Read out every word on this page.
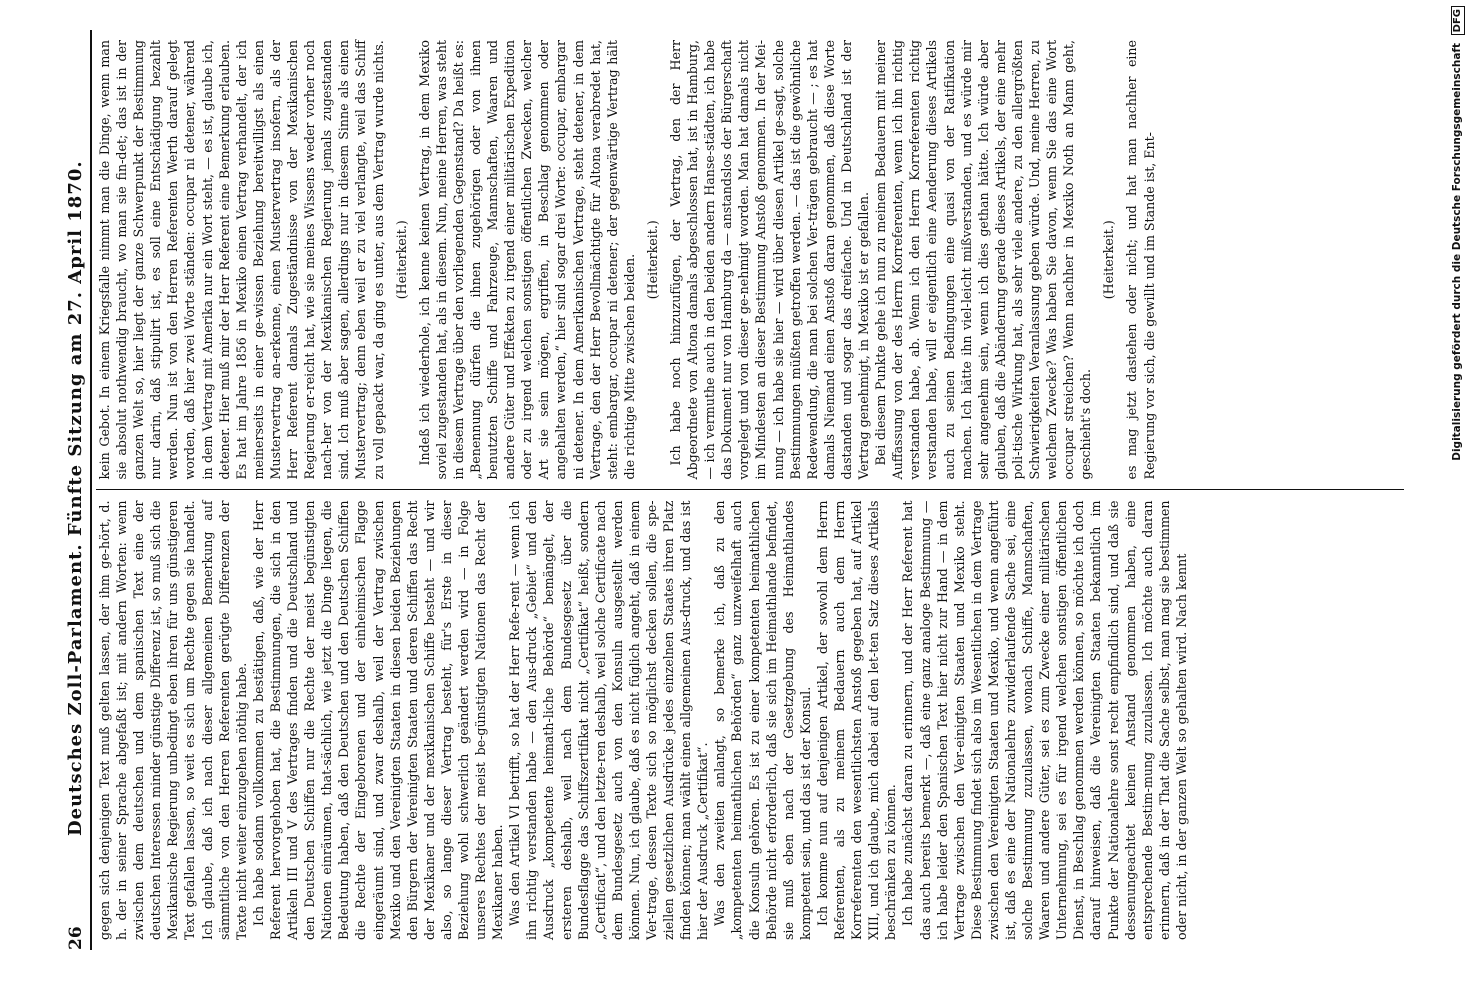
26
Deutsches Zoll-Parlament. Fünfte Sitzung am 27. April 1870. gegen sich denjenigen Text muß gelten lassen, der ihm ge-hört, d. h. der in seiner Sprache abgefaßt ist; mit andern Worten: wenn zwischen dem deutschen und dem spanischen Text eine der deutschen Interessen minder günstige Differenz ist, so muß sich die Mexikanische Regierung unbedingt eben ihren für uns günstigeren Text gefallen lassen, so weit es sich um Rechte gegen sie handelt. Ich glaube, daß ich nach dieser allgemeinen Bemerkung auf sämmtliche von den Herren Referenten gerügte Differenzen der Texte nicht weiter einzugehen nöthig habe. Ich habe sodann vollkommen zu bestätigen, daß, wie der Herr Referent hervorgehoben hat, die Bestimmungen, die sich in den Artikeln III und V des Vertrages finden und die Deutschland und den Deutschen Schiffen nur die Rechte der meist begünstigten Nationen einräumen, that-sächlich, wie jetzt die Dinge liegen, die Bedeutung haben, daß den Deutschen und den Deutschen Schiffen die Rechte der Eingeborenen und der einheimischen Flagge eingeräumt sind, und zwar deshalb, weil der Vertrag zwischen Mexiko und den Vereinigten Staaten in diesen beiden Beziehungen den Bürgern der Vereinigten Staaten und deren Schiffen das Recht der Mexikaner und der mexikanischen Schiffe besteht — und wir also, so lange dieser Vertrag besteht, für's Erste in dieser Beziehung wohl schwerlich geändert werden wird — in Folge unseres Rechtes der meist be-günstigten Nationen das Recht der Mexikaner haben. Was den Artikel VI betrifft, so hat der Herr Refe-rent — wenn ich ihn richtig verstanden habe — den Aus-druck „Gebiet“ und den Ausdruck „kompetente heimath-liche Behörde“ bemängelt, der ersteren deshalb, weil nach dem Bundesgesetz über die Bundesflagge das Schiffszertifikat nicht „Certifikat“ heißt, sondern „Certificat“, und den letzte-ren deshalb, weil solche Certificate nach dem Bundesgesetz auch von den Konsuln ausgestellt werden können. Nun, ich glaube, daß es nicht füglich angeht, daß in einem Ver-trage, dessen Texte sich so möglichst decken sollen, die spe-ziellen gesetzlichen Ausdrücke jedes einzelnen Staates ihren Platz finden können; man wählt einen allgemeinen Aus-druck, und das ist hier der Ausdruck „Certifikat“. Was den zweiten anlangt, so bemerke ich, daß zu den „kompetenten heimathlichen Behörden“ ganz unzweifelhaft auch die Konsuln gehören. Es ist zu einer kompetenten heimathlichen Behörde nicht erforderlich, daß sie sich im Heimathlande befindet, sie muß eben nach der Gesetzgebung des Heimathlandes kompetent sein, und das ist der Konsul. Ich komme nun auf denjenigen Artikel, der sowohl dem Herrn Referenten, als zu meinem Bedauern auch dem Herrn Korreferenten den wesentlichsten Anstoß gegeben hat, auf Artikel XIII, und ich glaube, mich dabei auf den let-ten Satz dieses Artikels beschränken zu können. Ich habe zunächst daran zu erinnern, und der Herr Referent hat das auch bereits bemerkt —, daß eine ganz analoge Bestimmung — ich habe leider den Spanischen Text hier nicht zur Hand — in dem Vertrage zwischen den Ver-einigten Staaten und Mexiko steht. Diese Bestimmung findet sich also im Wesentlichen in dem Vertrage zwischen den Vereinigten Staaten und Mexiko, und wenn angeführt ist, daß es eine der Nationalehre zuwiderlaufende Sache sei, eine solche Bestimmung zuzulassen, wonach Schiffe, Mannschaften, Waaren und andere Güter, sei es zum Zwecke einer militärischen Unternehmung, sei es für irgend welchen sonstigen öffentlichen Dienst, in Beschlag genommen werden können, so möchte ich doch darauf hinweisen, daß die Vereinigten Staaten bekanntlich im Punkte der Nationalehre sonst recht empfindlich sind, und daß sie dessenungeachtet keinen Anstand genommen haben, eine entsprechende Bestim-mung zuzulassen. Ich möchte auch daran erinnern, daß in der That die Sache selbst, man mag sie bestimmen oder nicht, in der ganzen Welt so gehalten wird. Nach kennt

kein Gebot. In einem Kriegsfalle nimmt man die Dinge, wenn man sie absolut nothwendig braucht, wo man sie fin-det; das ist in der ganzen Welt so, hier liegt der ganze Schwerpunkt der Bestimmung nur darin, daß stipulirt ist, es soll eine Entschädigung bezahlt werden. Nun ist von den Herren Referenten Werth darauf gelegt worden, daß hier zwei Worte ständen: occupar ni detener, während in dem Vertrag mit Amerika nur ein Wort steht, — es ist, glaube ich, detener. Hier muß mir der Herr Referent eine Bemerkung erlauben. Es hat im Jahre 1856 in Mexiko einen Vertrag verhandelt, der ich meinerseits in einer ge-wissen Beziehung bereitwilligst als einen Mustervertrag an-erkenne, einen Mustervertrag insofern, als der Herr Referent damals Zugeständnisse von der Mexikanischen Regierung er-reicht hat, wie sie meines Wissens weder vorher noch nach-her von der Mexikanischen Regierung jemals zugestanden sind. Ich muß aber sagen, allerdings nur in diesem Sinne als einen Mustervertrag; denn eben weil er zu viel verlangte, weil das Schiff zu voll gepackt war, da ging es unter, aus dem Vertrag wurde nichts. (Heiterkeit.) Indeß ich wiederhole, ich kenne keinen Vertrag, in dem Mexiko soviel zugestanden hat, als in diesem. Nun, meine Herren, was steht in diesem Vertrage über den vorliegenden Gegenstand? Da heißt es: „Benennung dürfen die ihnen zugehörigen oder von ihnen benutzten Schiffe und Fahrzeuge, Mannschaften, Waaren und andere Güter und Effekten zu irgend einer militärischen Expedition oder zu irgend welchen sonstigen öffentlichen Zwecken, welcher Art sie sein mögen, ergriffen, in Beschlag genommen oder angehalten werden,“ hier sind sogar drei Worte: occupar, embargar ni detener. In dem Amerikanischen Vertrage, steht detener, in dem Vertrage, den der Herr Bevollmächtigte für Altona verabredet hat, steht: embargar, occupar ni detener; der gegenwärtige Vertrag hält die richtige Mitte zwischen beiden. (Heiterkeit.) Ich habe noch hinzuzufügen, der Vertrag, den der Herr Abgeordnete von Altona damals abgeschlossen hat, ist in Hamburg, — ich vermuthe auch in den beiden andern Hanse-städten, ich habe das Dokument nur von Hamburg da — anstandslos der Bürgerschaft vorgelegt und von dieser ge-nehmigt worden. Man hat damals nicht im Mindesten an dieser Bestimmung Anstoß genommen. In der Mei-nung — ich habe sie hier — wird über diesen Artikel ge-sagt, solche Bestimmungen müßten getroffen werden. — das ist die gewöhnliche Redewendung, die man bei solchen Ver-trägen gebraucht — ; es hat damals Niemand einen Anstoß daran genommen, daß diese Worte dastanden und sogar das dreifache. Und in Deutschland ist der Vertrag genehmigt, in Mexiko ist er gefallen. Bei diesem Punkte gehe ich nun zu meinem Bedauern mit meiner Auffassung von der des Herrn Korreferenten, wenn ich ihn richtig verstanden habe, ab. Wenn ich den Herrn Korreferenten richtig verstanden habe, will er eigentlich eine Aenderung dieses Artikels auch zu seinen Bedingungen eine quasi von der Ratifikation machen. Ich hätte ihn viel-leicht mißverstanden, und es würde mir sehr angenehm sein, wenn ich dies gethan hätte. Ich würde aber glauben, daß die Abänderung gerade dieses Artikels, der eine mehr poli-tische Wirkung hat, als sehr viele andere, zu den allergrößten Schwierigkeiten Veranlassung geben würde. Und, meine Herren, zu welchem Zwecke? Was haben Sie davon, wenn Sie das eine Wort occupar streichen? Wenn nachher in Mexiko Noth an Mann geht, geschieht's doch.

(Heiterkeit.) es mag jetzt dastehen oder nicht; und hat man nachher eine Regierung vor sich, die gewillt und im Stande ist, Ent-	Digitalisierung gefördert durch die Deutsche Forschungsgemeinschaft DFG
